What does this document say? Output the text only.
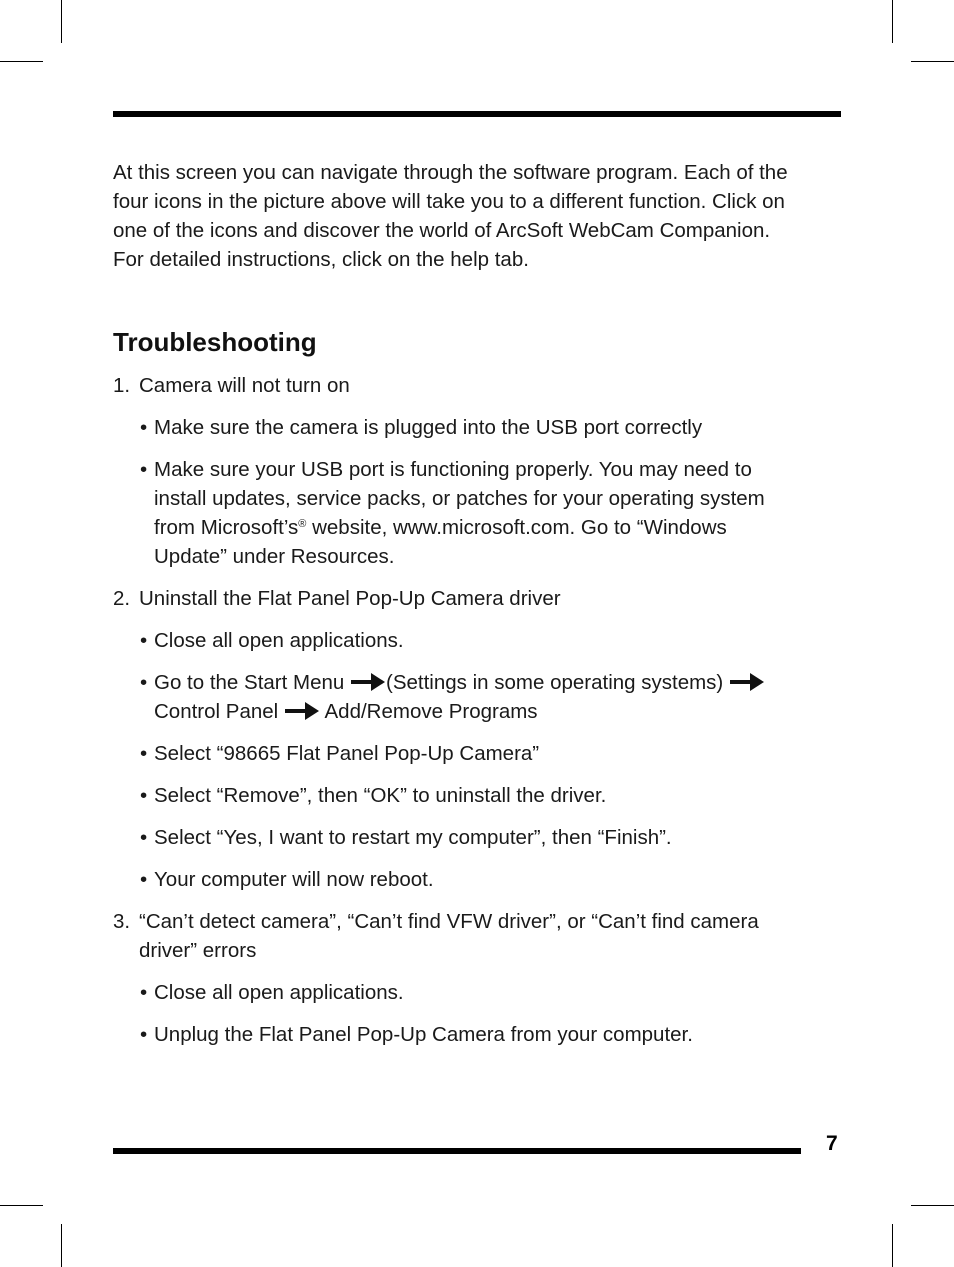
At this screen you can navigate through the software program. Each of the

four icons in the picture above will take you to a different function. Click on

one of the icons and discover the world of ArcSoft WebCam Companion.

For detailed instructions, click on the help tab.

Troubleshooting
1. Camera will not turn on
• Make sure the camera is plugged into the USB port correctly
• Make sure your USB port is functioning properly. You may need to
install updates, service packs, or patches for your operating system
from Microsoft’s® website, www.microsoft.com. Go to “Windows
Update” under Resources.
2. Uninstall the Flat Panel Pop-Up Camera driver
• Close all open applications.
• Go to the Start Menu (Settings in some operating systems)
Control Panel Add/Remove Programs
• Select “98665 Flat Panel Pop-Up Camera”
• Select “Remove”, then “OK” to uninstall the driver.
• Select “Yes, I want to restart my computer”, then “Finish”.
• Your computer will now reboot.
3. “Can’t detect camera”, “Can’t find VFW driver”, or “Can’t find camera
driver” errors
• Close all open applications.
• Unplug the Flat Panel Pop-Up Camera from your computer.
7
